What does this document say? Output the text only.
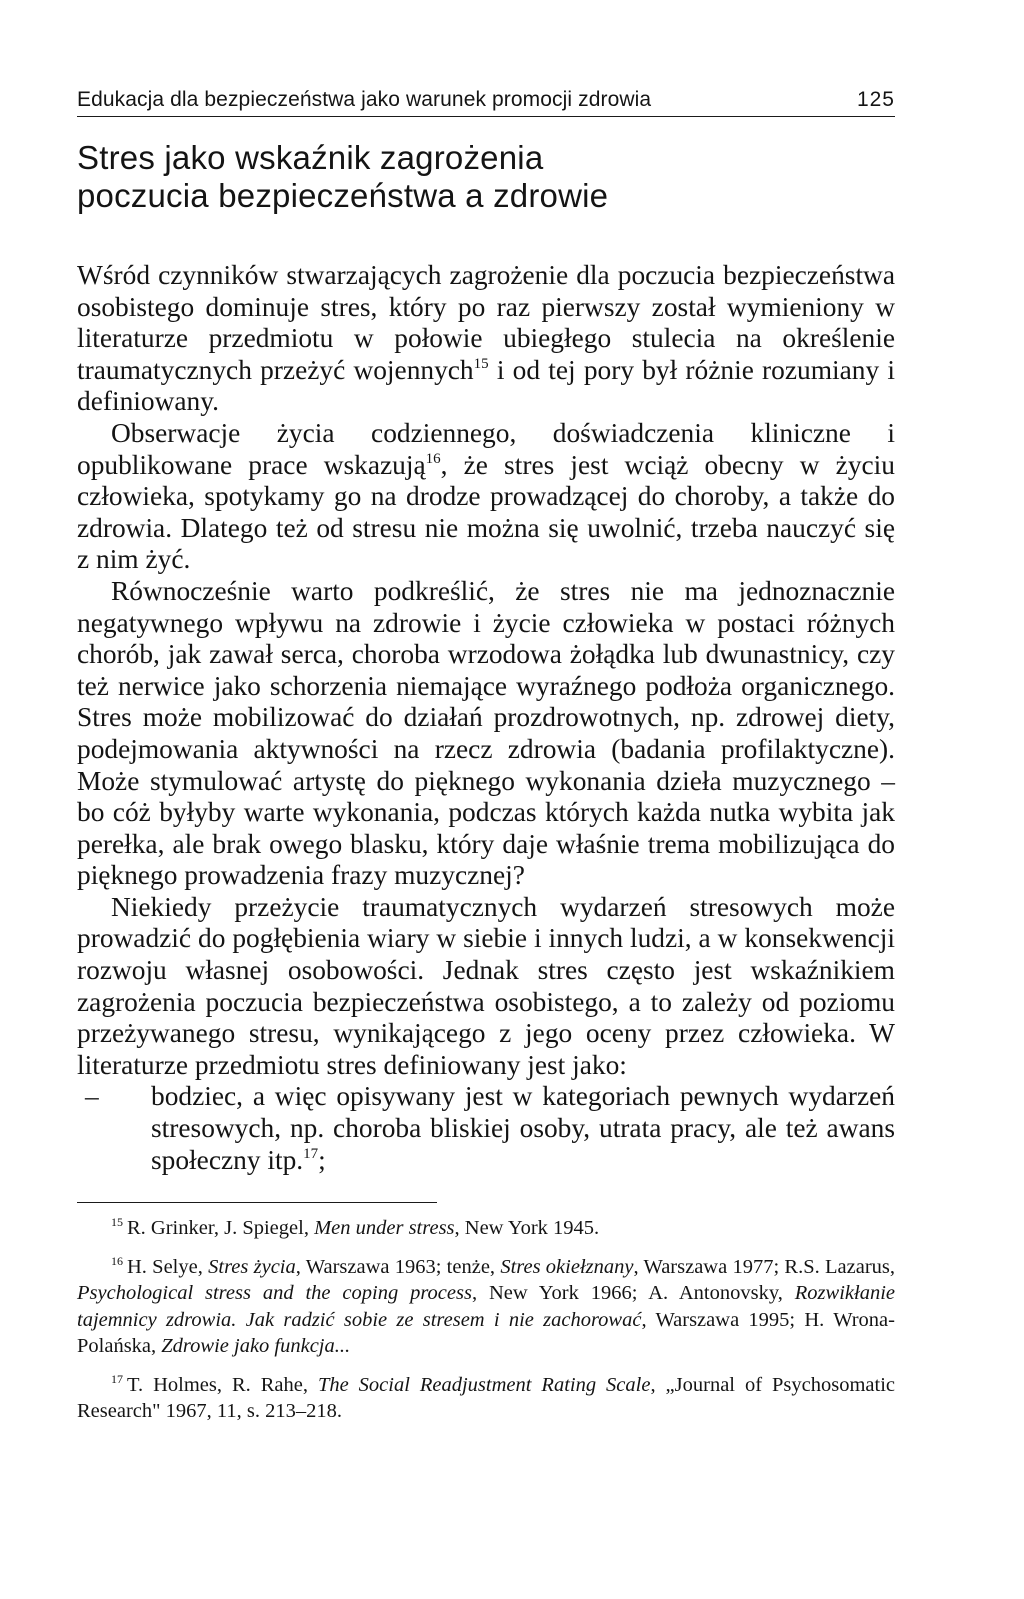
Edukacja dla bezpieczeństwa jako warunek promocji zdrowia	125
Stres jako wskaźnik zagrożenia
poczucia bezpieczeństwa a zdrowie

Wśród czynników stwarzających zagrożenie dla poczucia bezpieczeństwa osobistego dominuje stres, który po raz pierwszy został wymieniony w literaturze przedmiotu w połowie ubiegłego stulecia na określenie traumatycznych przeżyć wojennych$^{15}$ i od tej pory był różnie rozumiany i definiowany.

Obserwacje życia codziennego, doświadczenia kliniczne i opublikowane prace wskazują$^{16}$, że stres jest wciąż obecny w życiu człowieka, spotykamy go na drodze prowadzącej do choroby, a także do zdrowia. Dlatego też od stresu nie można się uwolnić, trzeba nauczyć się z nim żyć.

Równocześnie warto podkreślić, że stres nie ma jednoznacznie negatywnego wpływu na zdrowie i życie człowieka w postaci różnych chorób, jak zawał serca, choroba wrzodowa żołądka lub dwunastnicy, czy też nerwice jako schorzenia niemające wyraźnego podłoża organicznego. Stres może mobilizować do działań prozdrowotnych, np. zdrowej diety, podejmowania aktywności na rzecz zdrowia (badania profilaktyczne). Może stymulować artystę do pięknego wykonania dzieła muzycznego – bo cóż byłyby warte wykonania, podczas których każda nutka wybita jak perełka, ale brak owego blasku, który daje właśnie trema mobilizująca do pięknego prowadzenia frazy muzycznej?

Niekiedy przeżycie traumatycznych wydarzeń stresowych może prowadzić do pogłębienia wiary w siebie i innych ludzi, a w konsekwencji rozwoju własnej osobowości. Jednak stres często jest wskaźnikiem zagrożenia poczucia bezpieczeństwa osobistego, a to zależy od poziomu przeżywanego stresu, wynikającego z jego oceny przez człowieka. W literaturze przedmiotu stres definiowany jest jako:

– bodziec, a więc opisywany jest w kategoriach pewnych wydarzeń stresowych, np. choroba bliskiej osoby, utrata pracy, ale też awans społeczny itp.$^{17}$;

$^{15}$ R. Grinker, J. Spiegel, Men under stress, New York 1945.

$^{16}$ H. Selye, Stres życia, Warszawa 1963; tenże, Stres okiełznany, Warszawa 1977; R.S. Lazarus, Psychological stress and the coping process, New York 1966; A. Antonovsky, Rozwikłanie tajemnicy zdrowia. Jak radzić sobie ze stresem i nie zachorować, Warszawa 1995; H. Wrona-Polańska, Zdrowie jako funkcja...

$^{17}$ T. Holmes, R. Rahe, The Social Readjustment Rating Scale, „Journal of Psychosomatic Research" 1967, 11, s. 213–218.
